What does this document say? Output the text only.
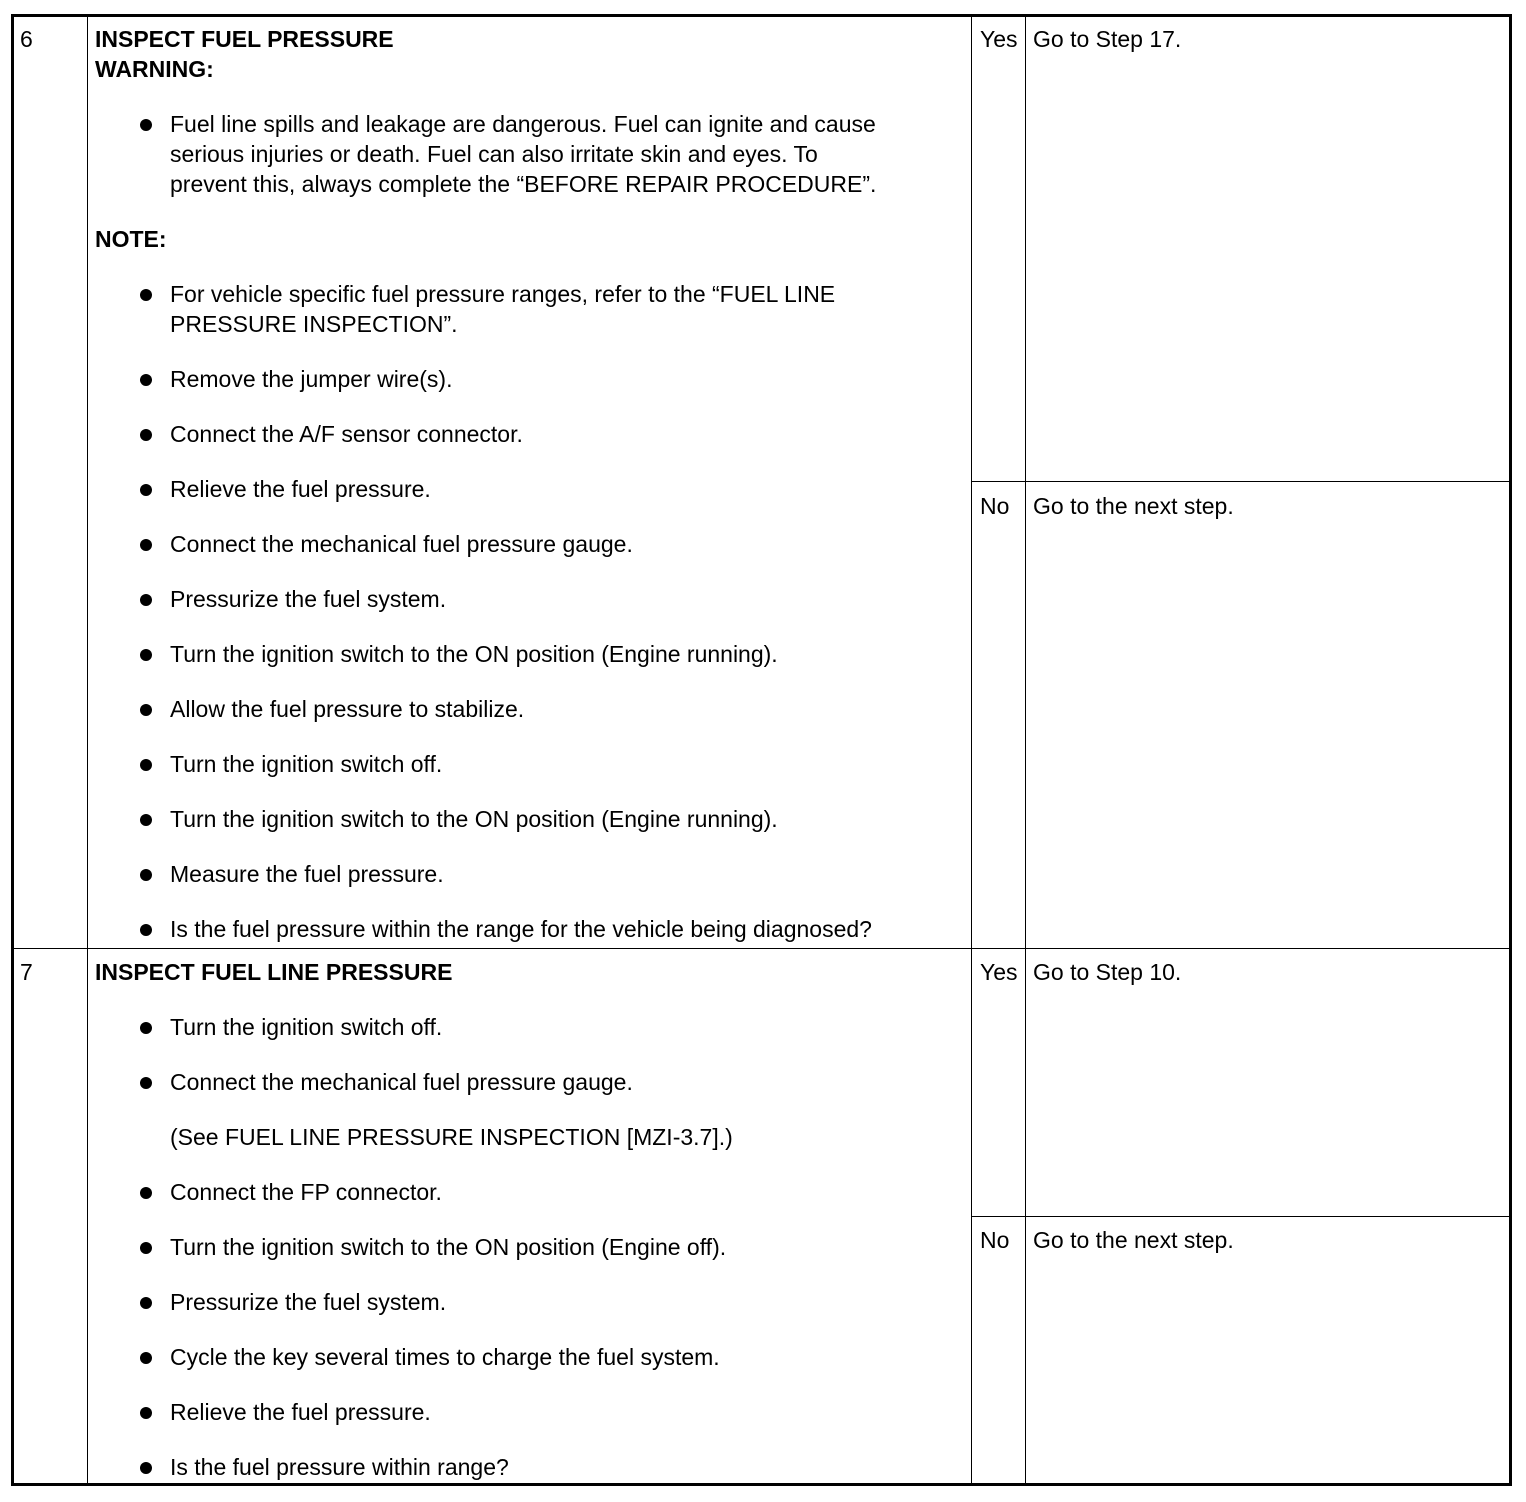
6	INSPECT FUEL PRESSURE
WARNING:
Fuel line spills and leakage are dangerous. Fuel can ignite and cause
serious injuries or death. Fuel can also irritate skin and eyes. To
prevent this, always complete the “BEFORE REPAIR PROCEDURE”.
NOTE:
For vehicle specific fuel pressure ranges, refer to the “FUEL LINE
PRESSURE INSPECTION”.
Remove the jumper wire(s).
Connect the A/F sensor connector.
Relieve the fuel pressure.
Connect the mechanical fuel pressure gauge.
Pressurize the fuel system.
Turn the ignition switch to the ON position (Engine running).
Allow the fuel pressure to stabilize.
Turn the ignition switch off.
Turn the ignition switch to the ON position (Engine running).
Measure the fuel pressure.
Is the fuel pressure within the range for the vehicle being diagnosed?
Yes Go to Step 17.
No Go to the next step.
7	INSPECT FUEL LINE PRESSURE
Turn the ignition switch off.
Connect the mechanical fuel pressure gauge.
(See FUEL LINE PRESSURE INSPECTION [MZI-3.7].)
Connect the FP connector.
Turn the ignition switch to the ON position (Engine off).
Pressurize the fuel system.
Cycle the key several times to charge the fuel system.
Relieve the fuel pressure.
Is the fuel pressure within range?
Yes Go to Step 10.
No Go to the next step.
